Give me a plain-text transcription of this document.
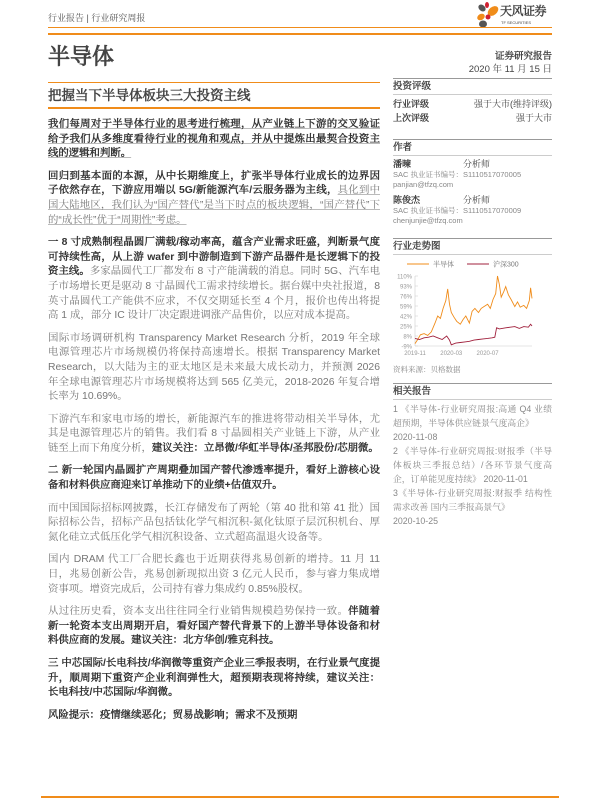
行业报告 | 行业研究周报	天风证券
TF SECURITIES
半导体
把握当下半导体板块三大投资主线
证券研究报告
2020 年 11 月 15 日
投资评级
行业评级	强于大市(维持评级)
上次评级	强于大市
作者
潘暕	分析师
SAC 执业证书编号：S1110517070005
panjian@tfzq.com
陈俊杰	分析师
SAC 执业证书编号：S1110517070009
chenjunjie@tfzq.com
行业走势图
110%
93%
76%
59%
42%
25%
8%
-9%
2019-11 2020-03 2020-07
半导体	沪深300
资料来源：贝格数据
相关报告
1 《半导体-行业研究周报:高通 Q4 业绩超预期，半导体供应链景气度高企》
2020-11-08
2 《半导体-行业研究周报:财报季（半导体板块三季报总结）/各环节景气度高企，订单能见度持续》 2020-11-01
3《半导体-行业研究周报:财报季 结构性需求改善 国内三季报高景气》
2020-10-25
我们每周对于半导体行业的思考进行梳理，从产业链上下游的交叉验证给予我们从多维度看待行业的视角和观点，并从中提炼出最契合投资主线的逻辑和判断。
回归到基本面的本源，从中长期维度上，扩张半导体行业成长的边界因子依然存在，下游应用端以 5G/新能源汽车/云服务器为主线，具化到中国大陆地区，我们认为“国产替代”是当下时点的板块逻辑，“国产替代”下的“成长性”优于“周期性”考虑。
一 8 寸成熟制程晶圆厂满载/稼动率高，蕴含产业需求旺盛，判断景气度可持续性高，从上游 wafer 到中游制造到下游产品器件是长逻辑下的投资主线。多家晶圆代工厂都发布 8 寸产能满载的消息。同时 5G、汽车电子市场增长更是驱动 8 寸晶圆代工需求持续增长。据台媒中央社报道，8 英寸晶圆代工产能供不应求，不仅交期延长至 4 个月，报价也传出将提高 1 成，部分 IC 设计厂决定跟进调涨产品售价，以应对成本提高。
国际市场调研机构 Transparency Market Research 分析，2019 年全球电源管理芯片市场规模仍将保持高速增长。根据 Transparency Market Research，以大陆为主的亚太地区是未来最大成长动力，并预测 2026 年全球电源管理芯片市场规模将达到 565 亿美元，2018-2026 年复合增长率为 10.69%。
下游汽车和家电市场的增长，新能源汽车的推进将带动相关半导体，尤其是电源管理芯片的销售。我们看 8 寸晶圆相关产业链上下游，从产业链至上而下角度分析，建议关注：立昂微/华虹半导体/圣邦股份/芯朋微。
二 新一轮国内晶圆扩产周期叠加国产替代渗透率提升，看好上游核心设备和材料供应商迎来订单推动下的业绩+估值双升。
而中国国际招标网披露，长江存储发布了两轮（第 40 批和第 41 批）国际招标公告，招标产品包括钛化学气相沉积-氮化钛原子层沉积机台、厚氮化硅立式低压化学气相沉积设备、立式超高温退火设备等。
国内 DRAM 代工厂合肥长鑫也于近期获得兆易创新的增持。11 月 11 日，兆易创新公告，兆易创新现拟出资 3 亿元人民币，参与睿力集成增资事项。增资完成后，公司持有睿力集成约 0.85%股权。
从过往历史看，资本支出往往同全行业销售规模趋势保持一致。伴随着新一轮资本支出周期开启，看好国产替代背景下的上游半导体设备和材料供应商的发展。建议关注：北方华创/雅克科技。
三 中芯国际/长电科技/华润微等重资产企业三季报表明，在行业景气度提升，顺周期下重资产企业利润弹性大，超预期表现将持续，建议关注：长电科技/中芯国际/华润微。
风险提示：疫情继续恶化；贸易战影响；需求不及预期
